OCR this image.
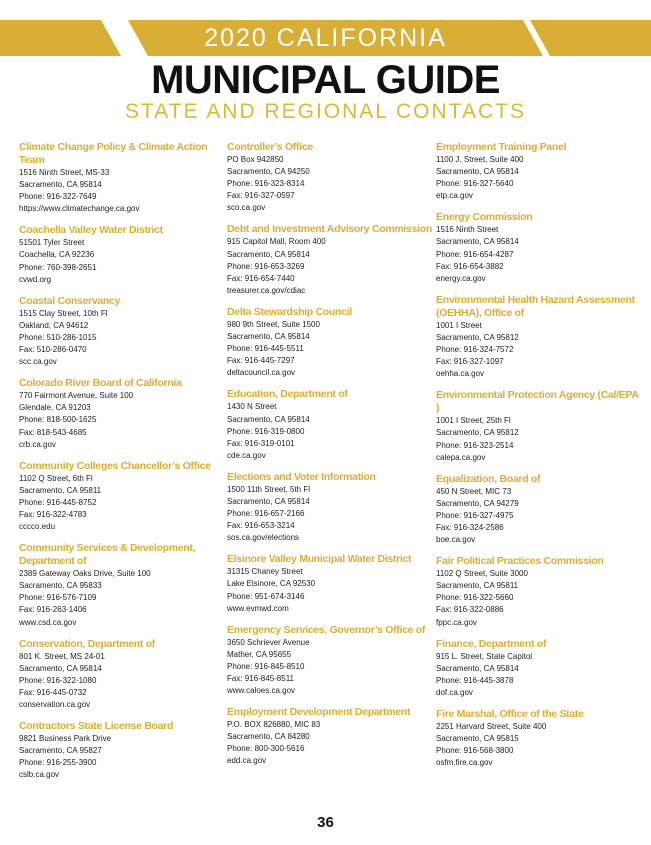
2020 CALIFORNIA
MUNICIPAL GUIDE
STATE AND REGIONAL CONTACTS
Climate Change Policy & Climate Action Team
1516 Ninth Street, MS-33
Sacramento, CA 95814
Phone: 916-322-7649
https://www.climatechange.ca.gov
Coachella Valley Water District
51501 Tyler Street
Coachella, CA 92236
Phone: 760-398-2651
cvwd.org
Coastal Conservancy
1515 Clay Street, 10th Fl
Oakland, CA 94612
Phone: 510-286-1015
Fax: 510-286-0470
scc.ca.gov
Colorado River Board of California
770 Fairmont Avenue, Suite 100
Glendale, CA 91203
Phone: 818-500-1625
Fax: 818-543-4685
crb.ca.gov
Community Colleges Chancellor’s Office
1102 Q Street, 6th Fl
Sacramento, CA 95811
Phone: 916-445-8752
Fax: 916-322-4783
cccco.edu
Community Services & Development, Department of
2389 Gateway Oaks Drive, Suite 100
Sacramento, CA 95833
Phone: 916-576-7109
Fax: 916-263-1406
www.csd.ca.gov
Conservation, Department of
801 K. Street, MS 24-01
Sacramento, CA 95814
Phone: 916-322-1080
Fax: 916-445-0732
conservation.ca.gov
Contractors State License Board
9821 Business Park Drive
Sacramento, CA 95827
Phone: 916-255-3900
cslb.ca.gov
Controller’s Office
PO Box 942850
Sacramento, CA 94250
Phone: 916-323-8314
Fax: 916-327-0597
sco.ca.gov
Debt and Investment Advisory Commission
915 Capitol Mall, Room 400
Sacramento, CA 95814
Phone: 916-653-3269
Fax: 916-654-7440
treasurer.ca.gov/cdiac
Delta Stewardship Council
980 9th Street, Suite 1500
Sacramento, CA 95814
Phone: 916-445-5511
Fax: 916-445-7297
deltacouncil.ca.gov
Education, Department of
1430 N Street
Sacramento, CA 95814
Phone: 916-319-0800
Fax: 916-319-0101
cde.ca.gov
Elections and Voter Information
1500 11th Street, 5th Fl
Sacramento, CA 95814
Phone: 916-657-2166
Fax: 916-653-3214
sos.ca.gov/elections
Elsinore Valley Municipal Water District
31315 Chaney Street
Lake Elsinore, CA 92530
Phone: 951-674-3146
www.evmwd.com
Emergency Services, Governor’s Office of
3650 Schriever Avenue
Mather, CA 95655
Phone: 916-845-8510
Fax: 916-845-8511
www.caloes.ca.gov
Employment Development Department
P.O. BOX 826880, MIC 83
Sacramento, CA 84280
Phone: 800-300-5616
edd.ca.gov
Employment Training Panel
1100 J. Street, Suite 400
Sacramento, CA 95814
Phone: 916-327-5640
etp.ca.gov
Energy Commission
1516 Ninth Street
Sacramento, CA 95814
Phone: 916-654-4287
Fax: 916-654-3882
energy.ca.gov
Environmental Health Hazard Assessment (OEHHA), Office of
1001 I Street
Sacramento, CA 95812
Phone: 916-324-7572
Fax: 916-327-1097
oehha.ca.gov
Environmental Protection Agency (Cal/EPA )
1001 I Street, 25th Fl
Sacramento, CA 95812
Phone: 916-323-2514
calepa.ca.gov
Equalization, Board of
450 N Street, MIC 73
Sacramento, CA 94279
Phone: 916-327-4975
Fax: 916-324-2586
boe.ca.gov
Fair Political Practices Commission
1102 Q Street, Suite 3000
Sacramento, CA 95811
Phone: 916-322-5660
Fax: 916-322-0886
fppc.ca.gov
Finance, Department of
915 L. Street, State Capitol
Sacramento, CA 95814
Phone: 916-445-3878
dof.ca.gov
Fire Marshal, Office of the State
2251 Harvard Street, Suite 400
Sacramento, CA 95815
Phone: 916-568-3800
osfm.fire.ca.gov
36
